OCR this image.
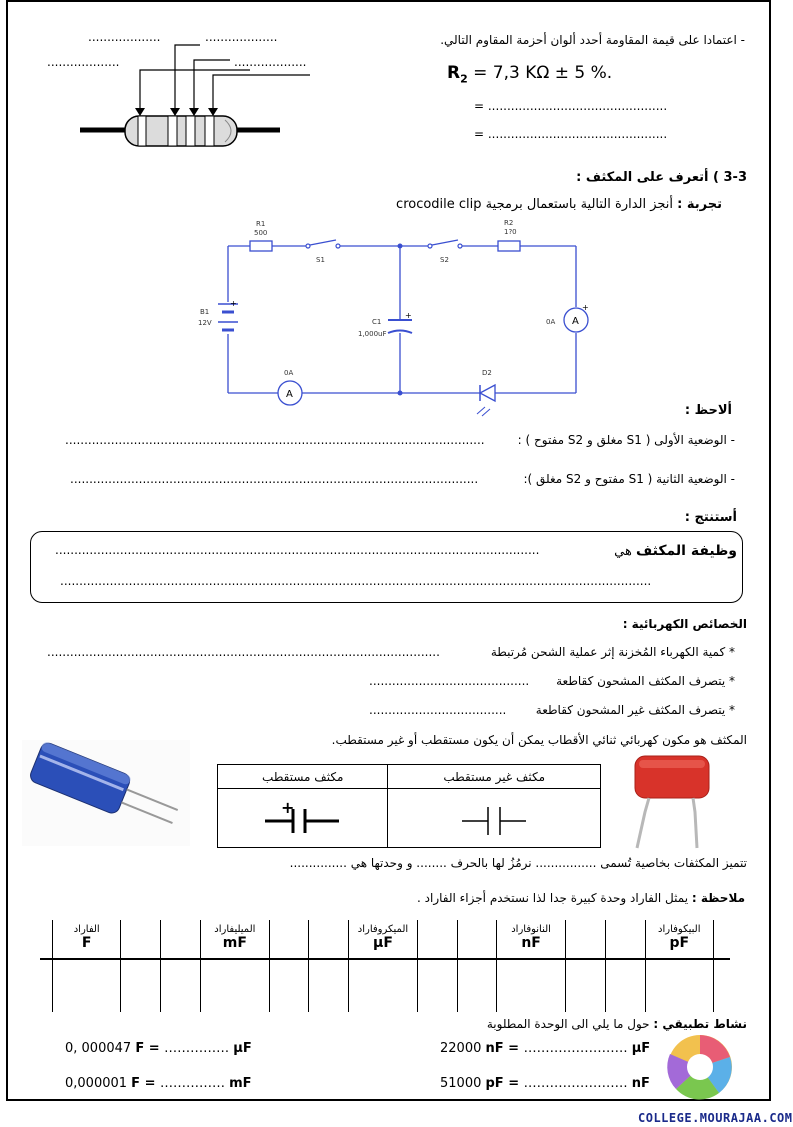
- اعتمادا على قيمة المقاومة أحدد ألوان أحزمة المقاوم التالي.
...................	...................
...................	...................
$R_2 = 7,3$ KΩ ± 5 %.
= ...............................................
= ...............................................
3-3 ) أتعرف على المكثف :
تجربة : أنجز الدارة التالية باستعمال برمجية crocodile clip
A
A
R1
500
S1
R2
1?0
S2
B1
12V	C1
1,000uF
0A
0A
D2
+
+
+
ألاحظ :
- الوضعية الأولى ( S1 مغلق و S2 مفتوح ) :
..............................................................................................................
- الوضعية الثانية ( S1 مفتوح و S2 مغلق ):
...........................................................................................................
أستنتج :
وظيفة المكثف هي
...............................................................................................................................
...........................................................................................................................................................
الخصائص الكهربائية :
* كمية الكهرباء المُخزنة إثر عملية الشحن مُرتبطة
.......................................................................................................
* يتصرف المكثف المشحون كقاطعة
..........................................
* يتصرف المكثف غير المشحون كقاطعة
....................................
المكثف هو مكون كهربائي ثنائي الأقطاب يمكن أن يكون مستقطب أو غير مستقطب.
مكثف مستقطب	مكثف غير مستقطب

+

تتميز المكثفات بخاصية تُسمى ................ نرمُزُ لها بالحرف ........ و وحدتها هي ...............
ملاحظة : يمثل الفاراد وحدة كبيرة جدا لذا نستخدم أجزاء الفاراد .
الفاراد
F

الميليفاراد
mF

الميكروفاراد
µF

النانوفاراد
nF

البيكوفاراد
pF
نشاط تطبيقي : حول ما يلي الى الوحدة المطلوبة
0, 000047 F = …………… µF	22000 nF = …………………… µF
0,000001 F = …………… mF	51000 pF = …………………… nF
COLLEGE.MOURAJAA.COM
